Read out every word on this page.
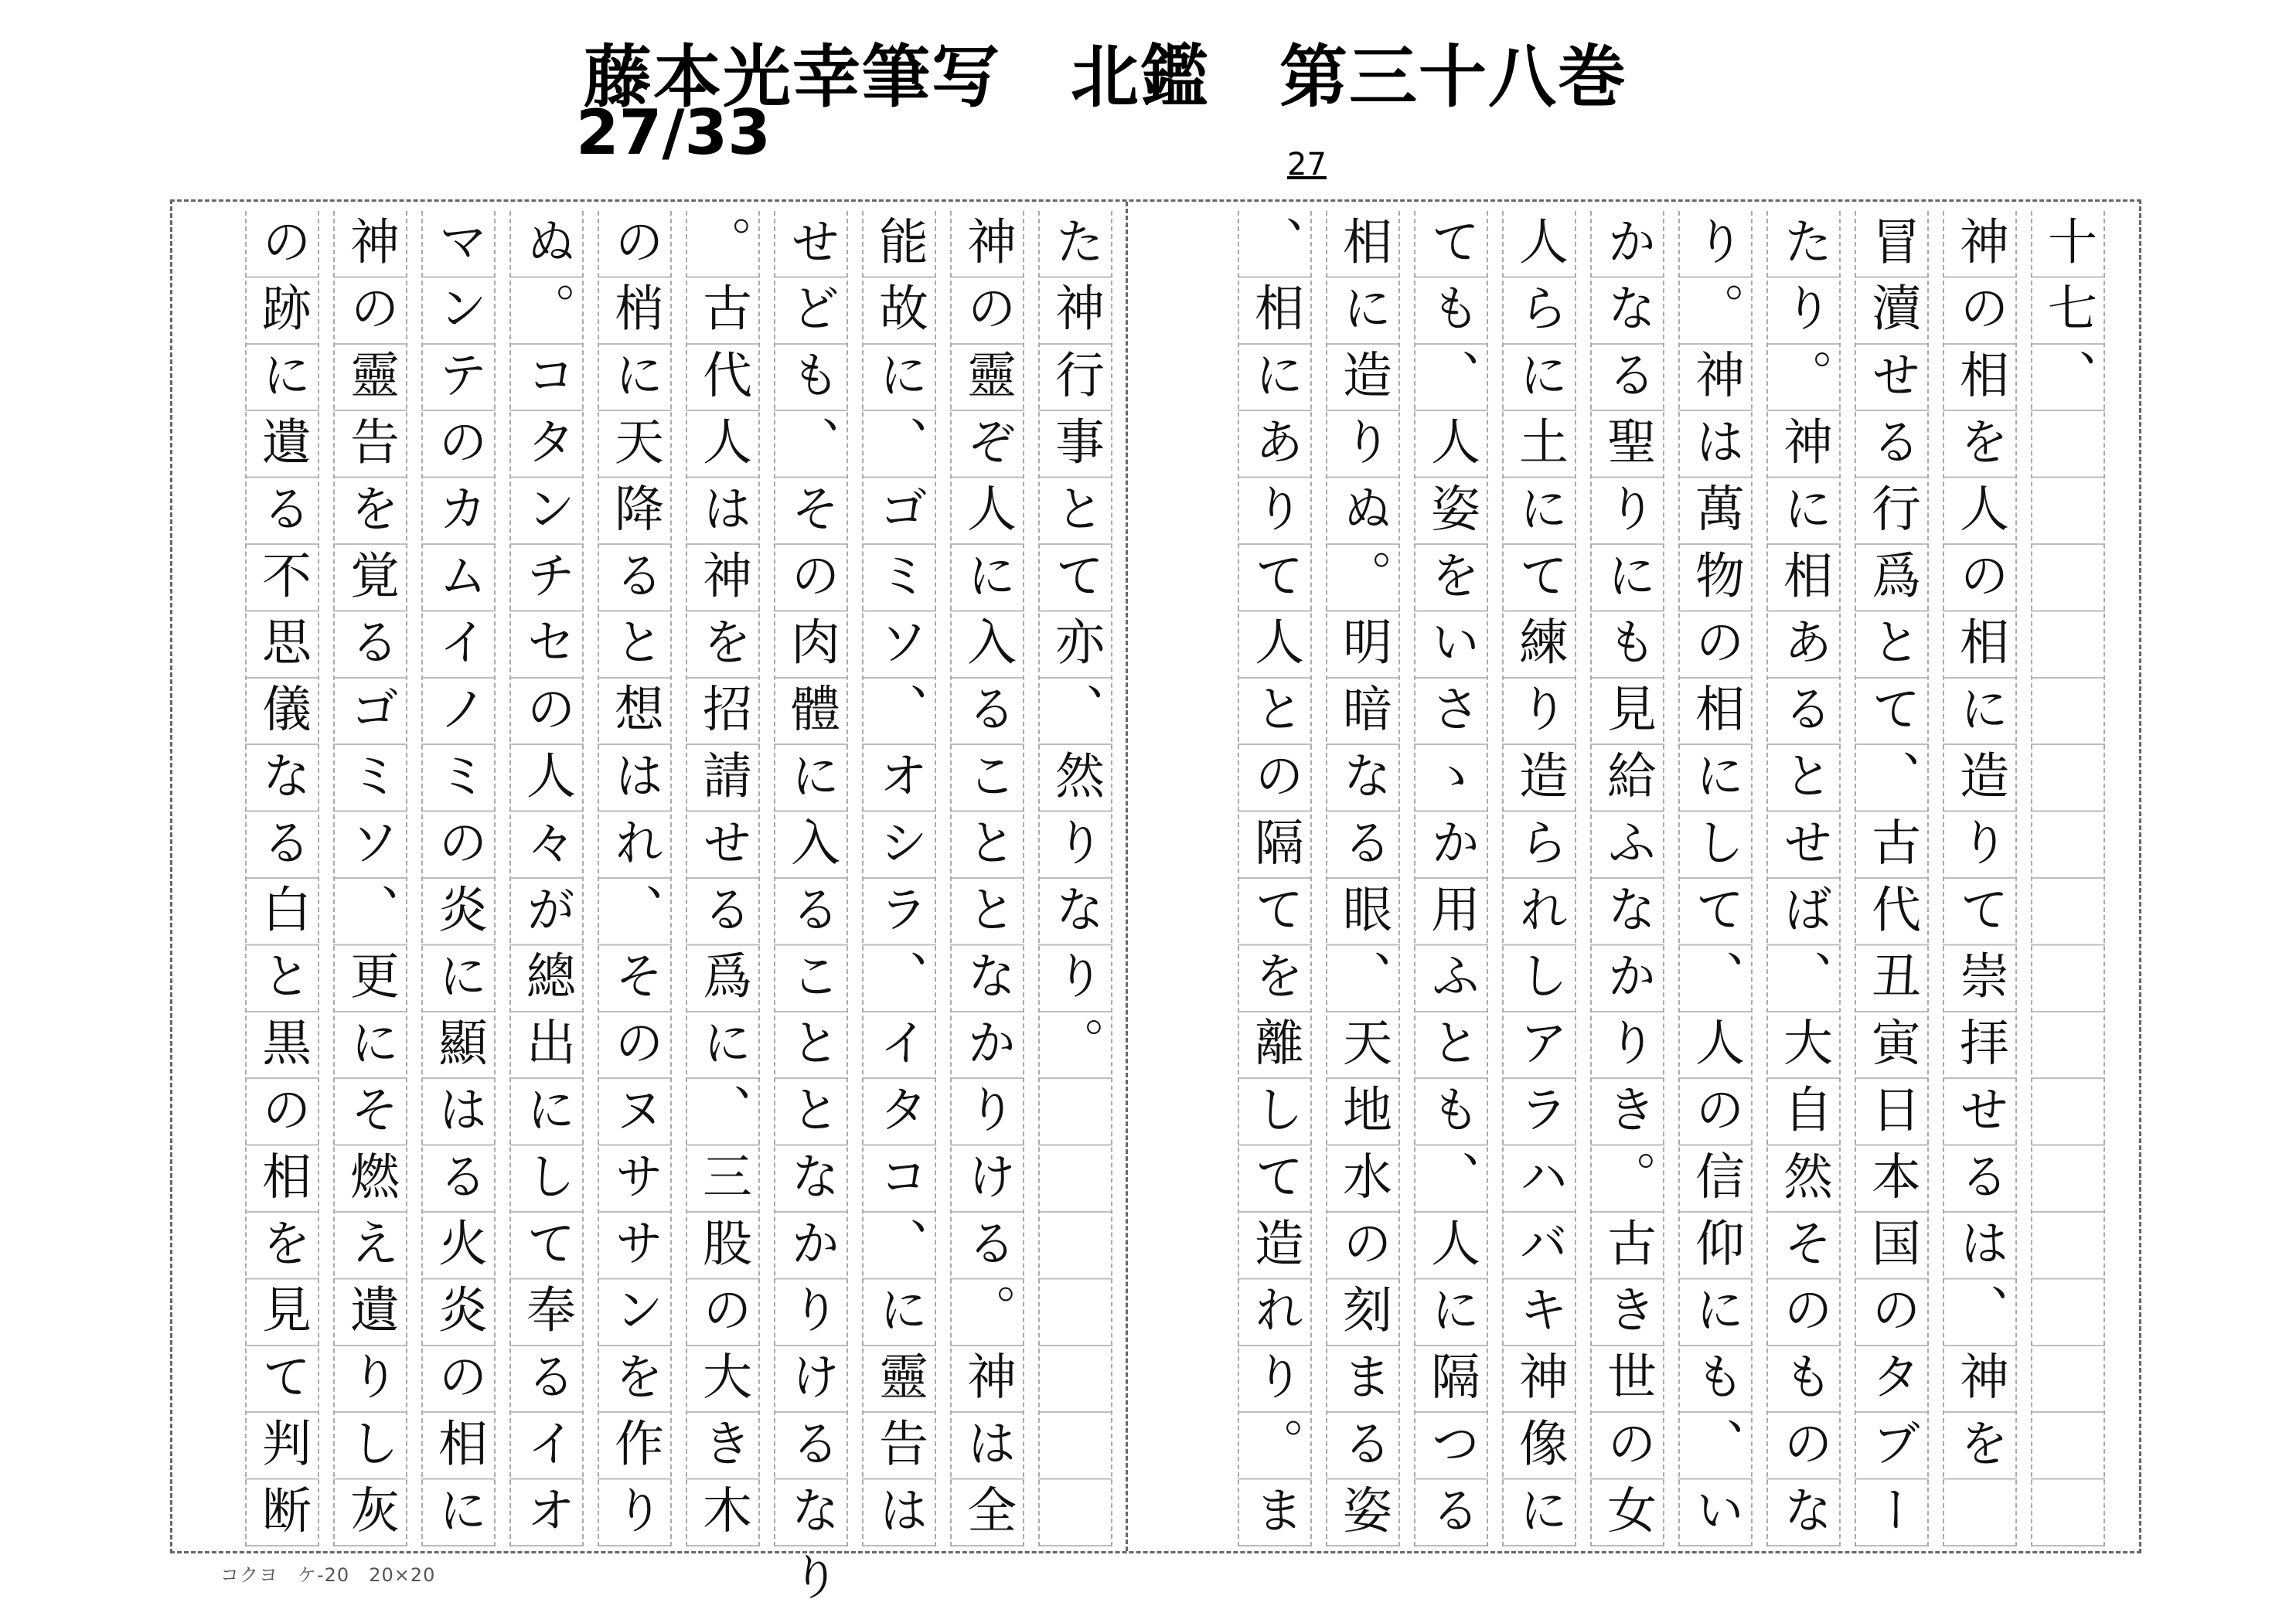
藤本光幸筆写　北鑑　第三十八巻
27/33	27
十七、
神の相を人の相に造りて崇拝せるは、神を
冒瀆せる行爲とて、古代丑寅日本国のタブー
たり。神に相あるとせば、大自然そのものな
り。神は萬物の相にして、人の信仰にも、い
かなる聖りにも見給ふなかりき。古き世の女
人らに土にて練り造られしアラハバキ神像に
ても、人姿をいさゝか用ふとも、人に隔つる
相に造りぬ。明暗なる眼、天地水の刻まる姿
、相にありて人との隔てを離して造れり。ま
た神行事とて亦、然りなり。
神の靈ぞ人に入ることとなかりける。神は全
能故に、ゴミソ、オシラ、イタコ、に靈告は
せども、その肉體に入ることとなかりけるなり
。古代人は神を招請せる爲に、三股の大き木
の梢に天降ると想はれ、そのヌササンを作り
ぬ。コタンチセの人々が總出にして奉るイオ
マンテのカムイノミの炎に顯はる火炎の相に
神の靈告を覚るゴミソ、更にそ燃え遺りし灰
の跡に遺る不思儀なる白と黒の相を見て判断
コクヨ　ケ-20　20×20
